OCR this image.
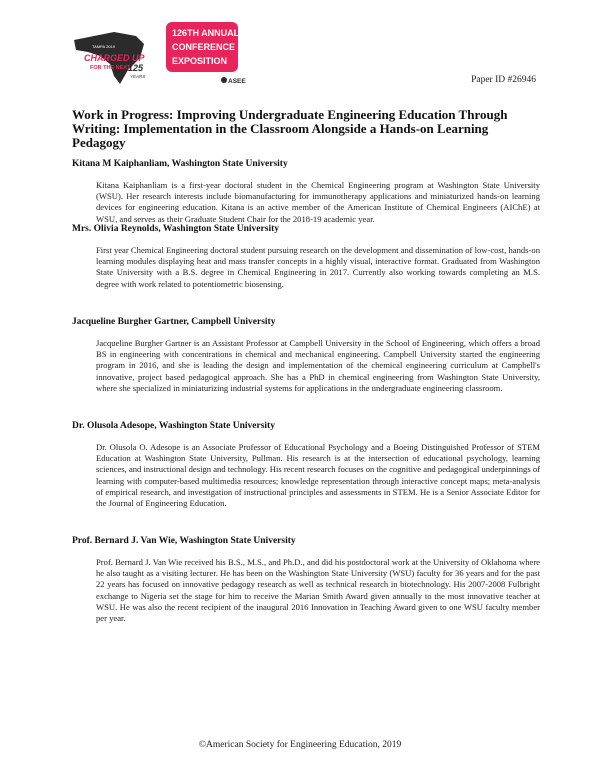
TAMPA 2019
CHARGED UP
FOR THE NEXT
125
YEARS
126TH ANNUAL
CONFERENCE &
EXPOSITION
ASEE	Paper ID #26946
Work in Progress: Improving Undergraduate Engineering Education Through Writing: Implementation in the Classroom Alongside a Hands-on Learning Pedagogy

Kitana M Kaiphanliam, Washington State University

Kitana Kaiphanliam is a first-year doctoral student in the Chemical Engineering program at Washington State University (WSU). Her research interests include biomanufacturing for immunotherapy applications and miniaturized hands-on learning devices for engineering education. Kitana is an active member of the American Institute of Chemical Engineers (AIChE) at WSU, and serves as their Graduate Student Chair for the 2018-19 academic year.

Mrs. Olivia Reynolds, Washington State University

First year Chemical Engineering doctoral student pursuing research on the development and dissemination of low-cost, hands-on learning modules displaying heat and mass transfer concepts in a highly visual, interactive format. Graduated from Washington State University with a B.S. degree in Chemical Engineering in 2017. Currently also working towards completing an M.S. degree with work related to potentiometric biosensing.

Jacqueline Burgher Gartner, Campbell University

Jacqueline Burgher Gartner is an Assistant Professor at Campbell University in the School of Engineering, which offers a broad BS in engineering with concentrations in chemical and mechanical engineering. Campbell University started the engineering program in 2016, and she is leading the design and implementation of the chemical engineering curriculum at Campbell's innovative, project based pedagogical approach. She has a PhD in chemical engineering from Washington State University, where she specialized in miniaturizing industrial systems for applications in the undergraduate engineering classroom.

Dr. Olusola Adesope, Washington State University

Dr. Olusola O. Adesope is an Associate Professor of Educational Psychology and a Boeing Distinguished Professor of STEM Education at Washington State University, Pullman. His research is at the intersection of educational psychology, learning sciences, and instructional design and technology. His recent research focuses on the cognitive and pedagogical underpinnings of learning with computer-based multimedia resources; knowledge representation through interactive concept maps; meta-analysis of empirical research, and investigation of instructional principles and assessments in STEM. He is a Senior Associate Editor for the Journal of Engineering Education.

Prof. Bernard J. Van Wie, Washington State University

Prof. Bernard J. Van Wie received his B.S., M.S., and Ph.D., and did his postdoctoral work at the University of Oklahoma where he also taught as a visiting lecturer. He has been on the Washington State University (WSU) faculty for 36 years and for the past 22 years has focused on innovative pedagogy research as well as technical research in biotechnology. His 2007-2008 Fulbright exchange to Nigeria set the stage for him to receive the Marian Smith Award given annually to the most innovative teacher at WSU. He was also the recent recipient of the inaugural 2016 Innovation in Teaching Award given to one WSU faculty member per year.

©American Society for Engineering Education, 2019
